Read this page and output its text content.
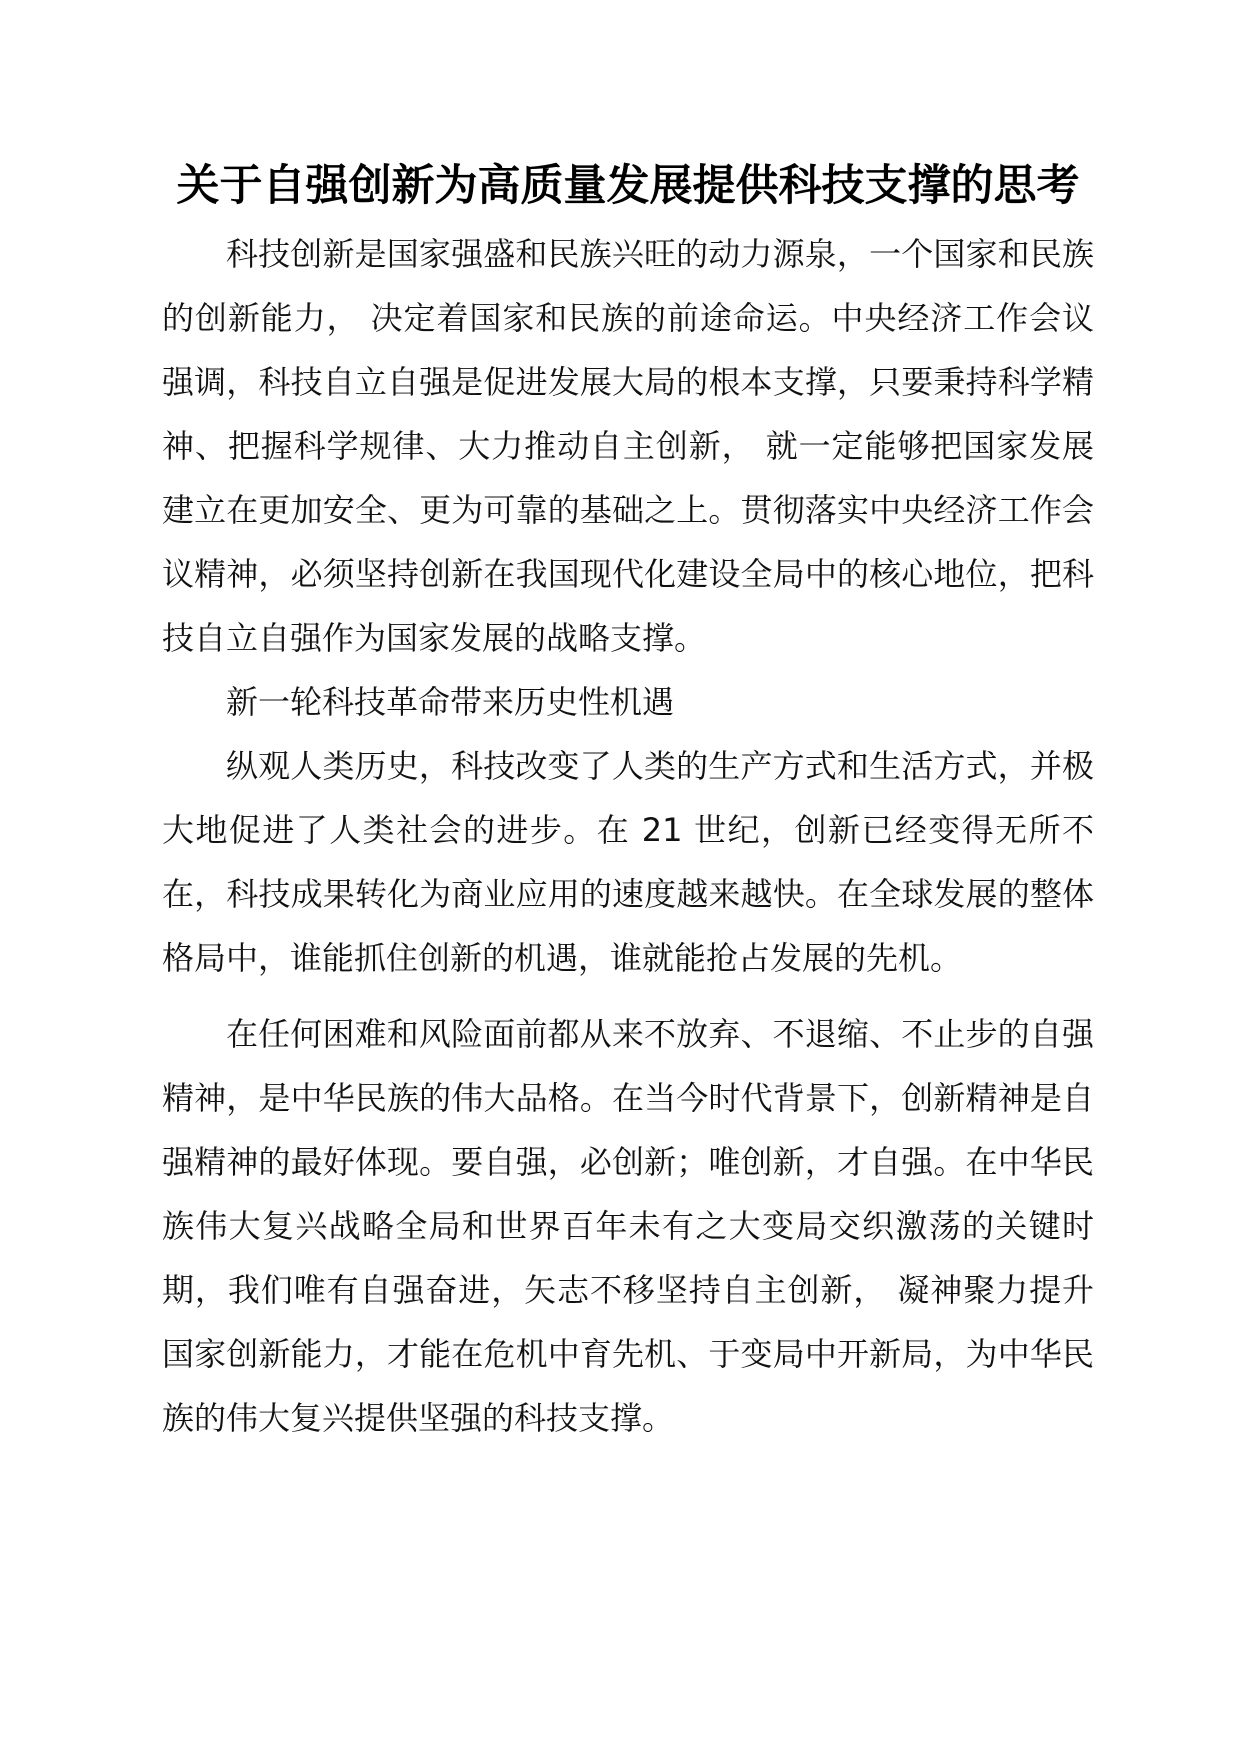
关于自强创新为高质量发展提供科技支撑的思考

科技创新是国家强盛和民族兴旺的动力源泉，一个国家和民族的创新能力， 决定着国家和民族的前途命运。中央经济工作会议强调，科技自立自强是促进发展大局的根本支撑，只要秉持科学精神、把握科学规律、大力推动自主创新， 就一定能够把国家发展建立在更加安全、更为可靠的基础之上。贯彻落实中央经济工作会议精神，必须坚持创新在我国现代化建设全局中的核心地位，把科技自立自强作为国家发展的战略支撑。

新一轮科技革命带来历史性机遇

纵观人类历史，科技改变了人类的生产方式和生活方式，并极大地促进了人类社会的进步。在 21 世纪，创新已经变得无所不在，科技成果转化为商业应用的速度越来越快。在全球发展的整体格局中，谁能抓住创新的机遇，谁就能抢占发展的先机。

在任何困难和风险面前都从来不放弃、不退缩、不止步的自强精神，是中华民族的伟大品格。在当今时代背景下，创新精神是自强精神的最好体现。要自强，必创新；唯创新，才自强。在中华民族伟大复兴战略全局和世界百年未有之大变局交织激荡的关键时期，我们唯有自强奋进，矢志不移坚持自主创新， 凝神聚力提升国家创新能力，才能在危机中育先机、于变局中开新局，为中华民族的伟大复兴提供坚强的科技支撑。
